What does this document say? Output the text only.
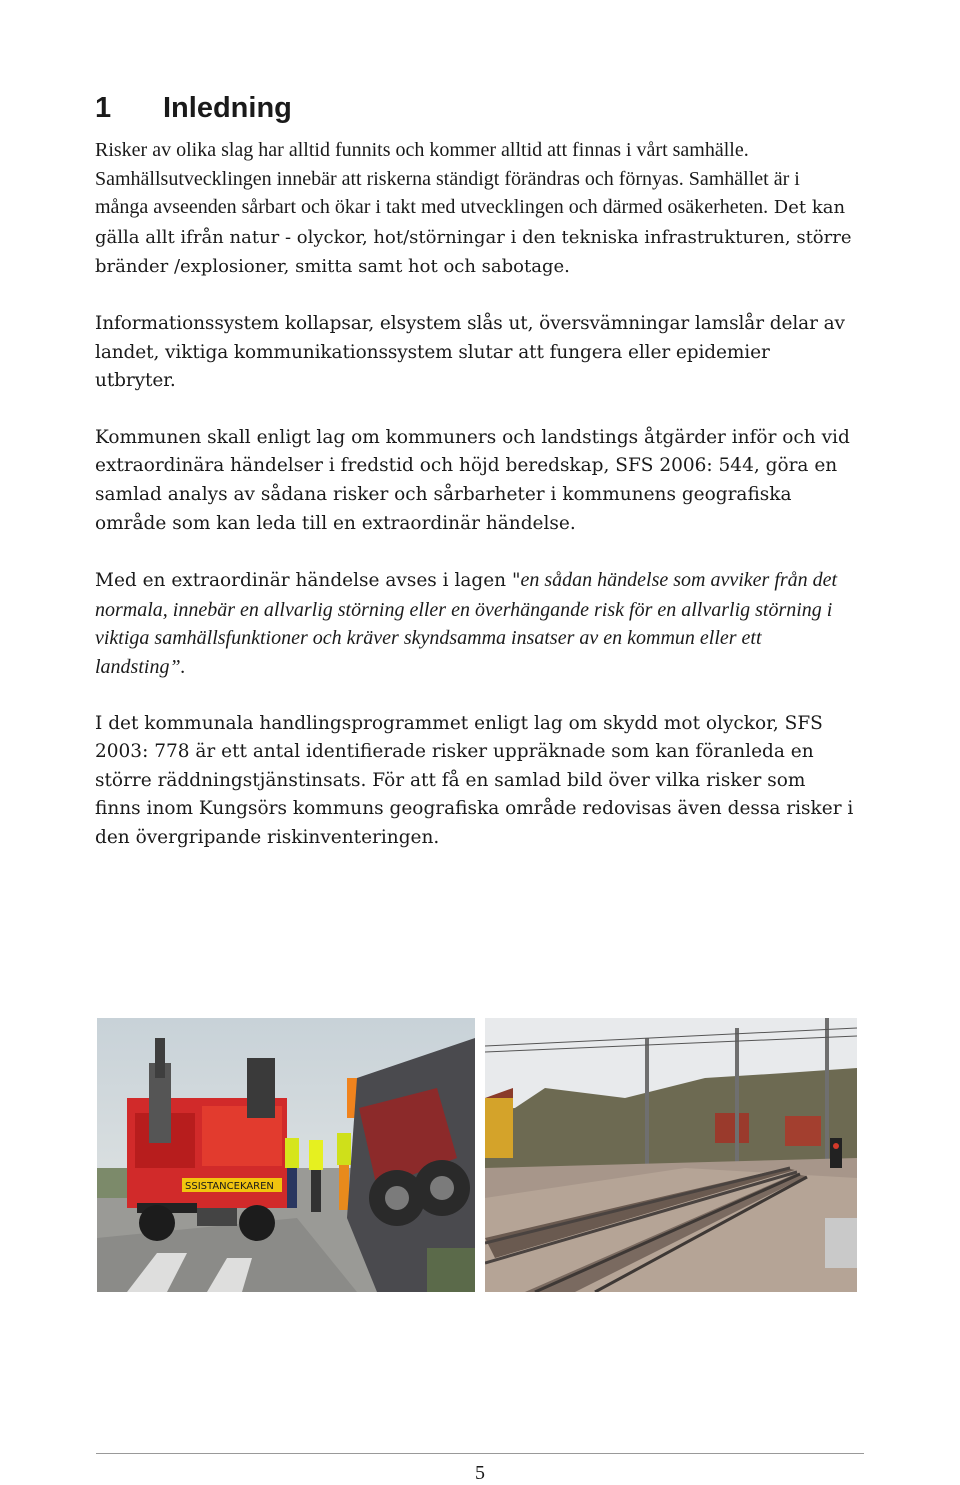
1 Inledning

Risker av olika slag har alltid funnits och kommer alltid att finnas i vårt samhälle. Samhällsutvecklingen innebär att riskerna ständigt förändras och förnyas. Samhället är i många avseenden sårbart och ökar i takt med utvecklingen och därmed osäkerheten. Det kan gälla allt ifrån natur - olyckor, hot/störningar i den tekniska infrastrukturen, större bränder /explosioner, smitta samt hot och sabotage.

Informationssystem kollapsar, elsystem slås ut, översvämningar lamslår delar av landet, viktiga kommunikationssystem slutar att fungera eller epidemier utbryter.

Kommunen skall enligt lag om kommuners och landstings åtgärder inför och vid extraordinära händelser i fredstid och höjd beredskap, SFS 2006: 544, göra en samlad analys av sådana risker och sårbarheter i kommunens geografiska område som kan leda till en extraordinär händelse.

Med en extraordinär händelse avses i lagen "en sådan händelse som avviker från det normala, innebär en allvarlig störning eller en överhängande risk för en allvarlig störning i viktiga samhällsfunktioner och kräver skyndsamma insatser av en kommun eller ett landsting”.

I det kommunala handlingsprogrammet enligt lag om skydd mot olyckor, SFS 2003: 778 är ett antal identifierade risker uppräknade som kan föranleda en större räddningstjänstinsats. För att få en samlad bild över vilka risker som finns inom Kungsörs kommuns geografiska område redovisas även dessa risker i den övergripande riskinventeringen.

SSISTANCEKAREN
5
